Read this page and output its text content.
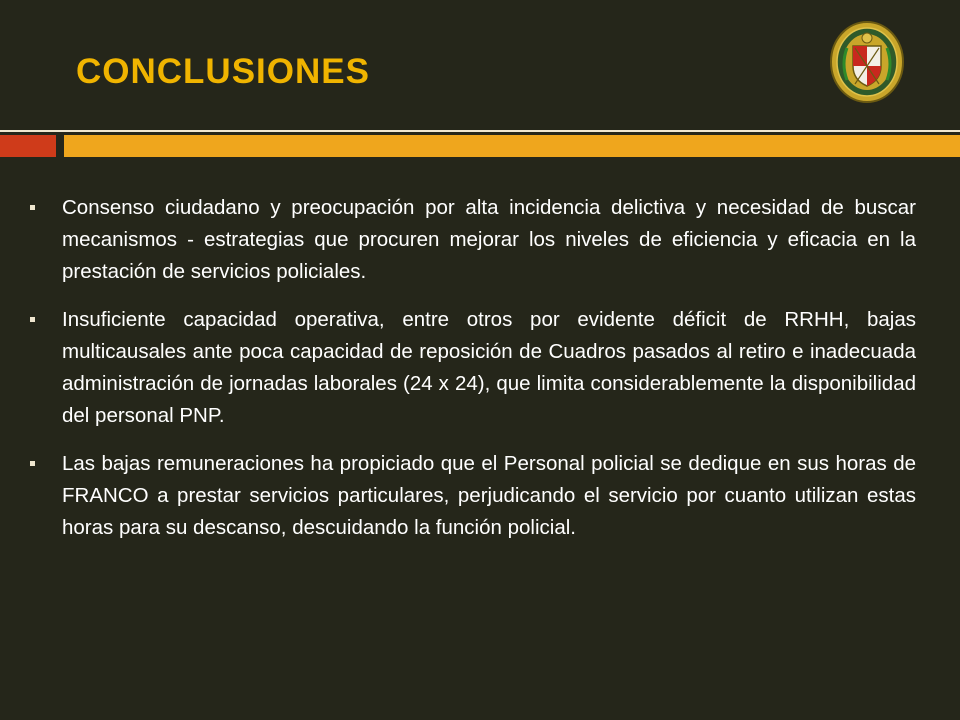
CONCLUSIONES
Consenso ciudadano y preocupación por alta incidencia delictiva y necesidad de buscar mecanismos - estrategias que procuren mejorar los niveles de eficiencia y eficacia en la prestación de servicios policiales.
Insuficiente capacidad operativa, entre otros por evidente déficit de RRHH, bajas multicausales ante poca capacidad de reposición de Cuadros pasados al retiro e inadecuada administración de jornadas laborales (24 x 24), que limita considerablemente la disponibilidad del personal PNP.
Las bajas remuneraciones ha propiciado que el Personal policial se dedique en sus horas de FRANCO a prestar servicios particulares, perjudicando el servicio por cuanto utilizan estas horas para su descanso, descuidando la función policial.
